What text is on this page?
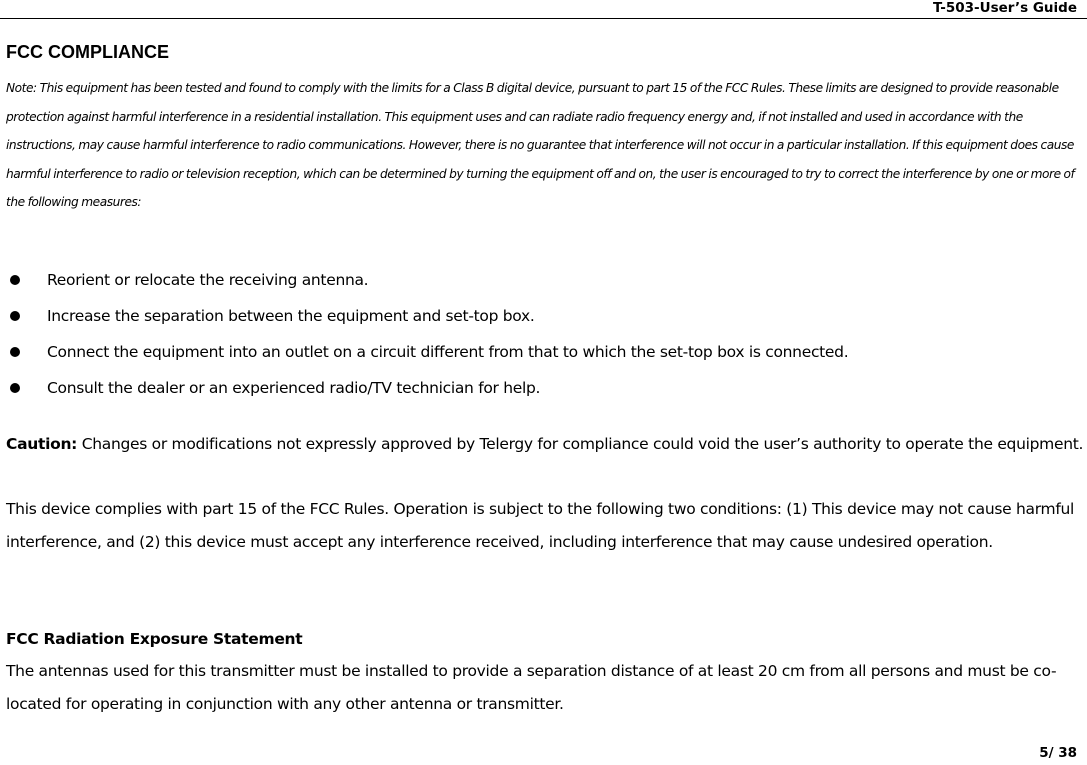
T-503-User’s Guide
FCC COMPLIANCE
Note: This equipment has been tested and found to comply with the limits for a Class B digital device, pursuant to part 15 of the FCC Rules. These limits are designed to provide reasonable protection against harmful interference in a residential installation. This equipment uses and can radiate radio frequency energy and, if not installed and used in accordance with the instructions, may cause harmful interference to radio communications. However, there is no guarantee that interference will not occur in a particular installation. If this equipment does cause harmful interference to radio or television reception, which can be determined by turning the equipment off and on, the user is encouraged to try to correct the interference by one or more of the following measures:
Reorient or relocate the receiving antenna.
Increase the separation between the equipment and set-top box.
Connect the equipment into an outlet on a circuit different from that to which the set-top box is connected.
Consult the dealer or an experienced radio/TV technician for help.
Caution: Changes or modifications not expressly approved by Telergy for compliance could void the user’s authority to operate the equipment.
This device complies with part 15 of the FCC Rules. Operation is subject to the following two conditions: (1) This device may not cause harmful interference, and (2) this device must accept any interference received, including interference that may cause undesired operation.
FCC Radiation Exposure Statement
The antennas used for this transmitter must be installed to provide a separation distance of at least 20 cm from all persons and must be co-located for operating in conjunction with any other antenna or transmitter.
5/ 38
